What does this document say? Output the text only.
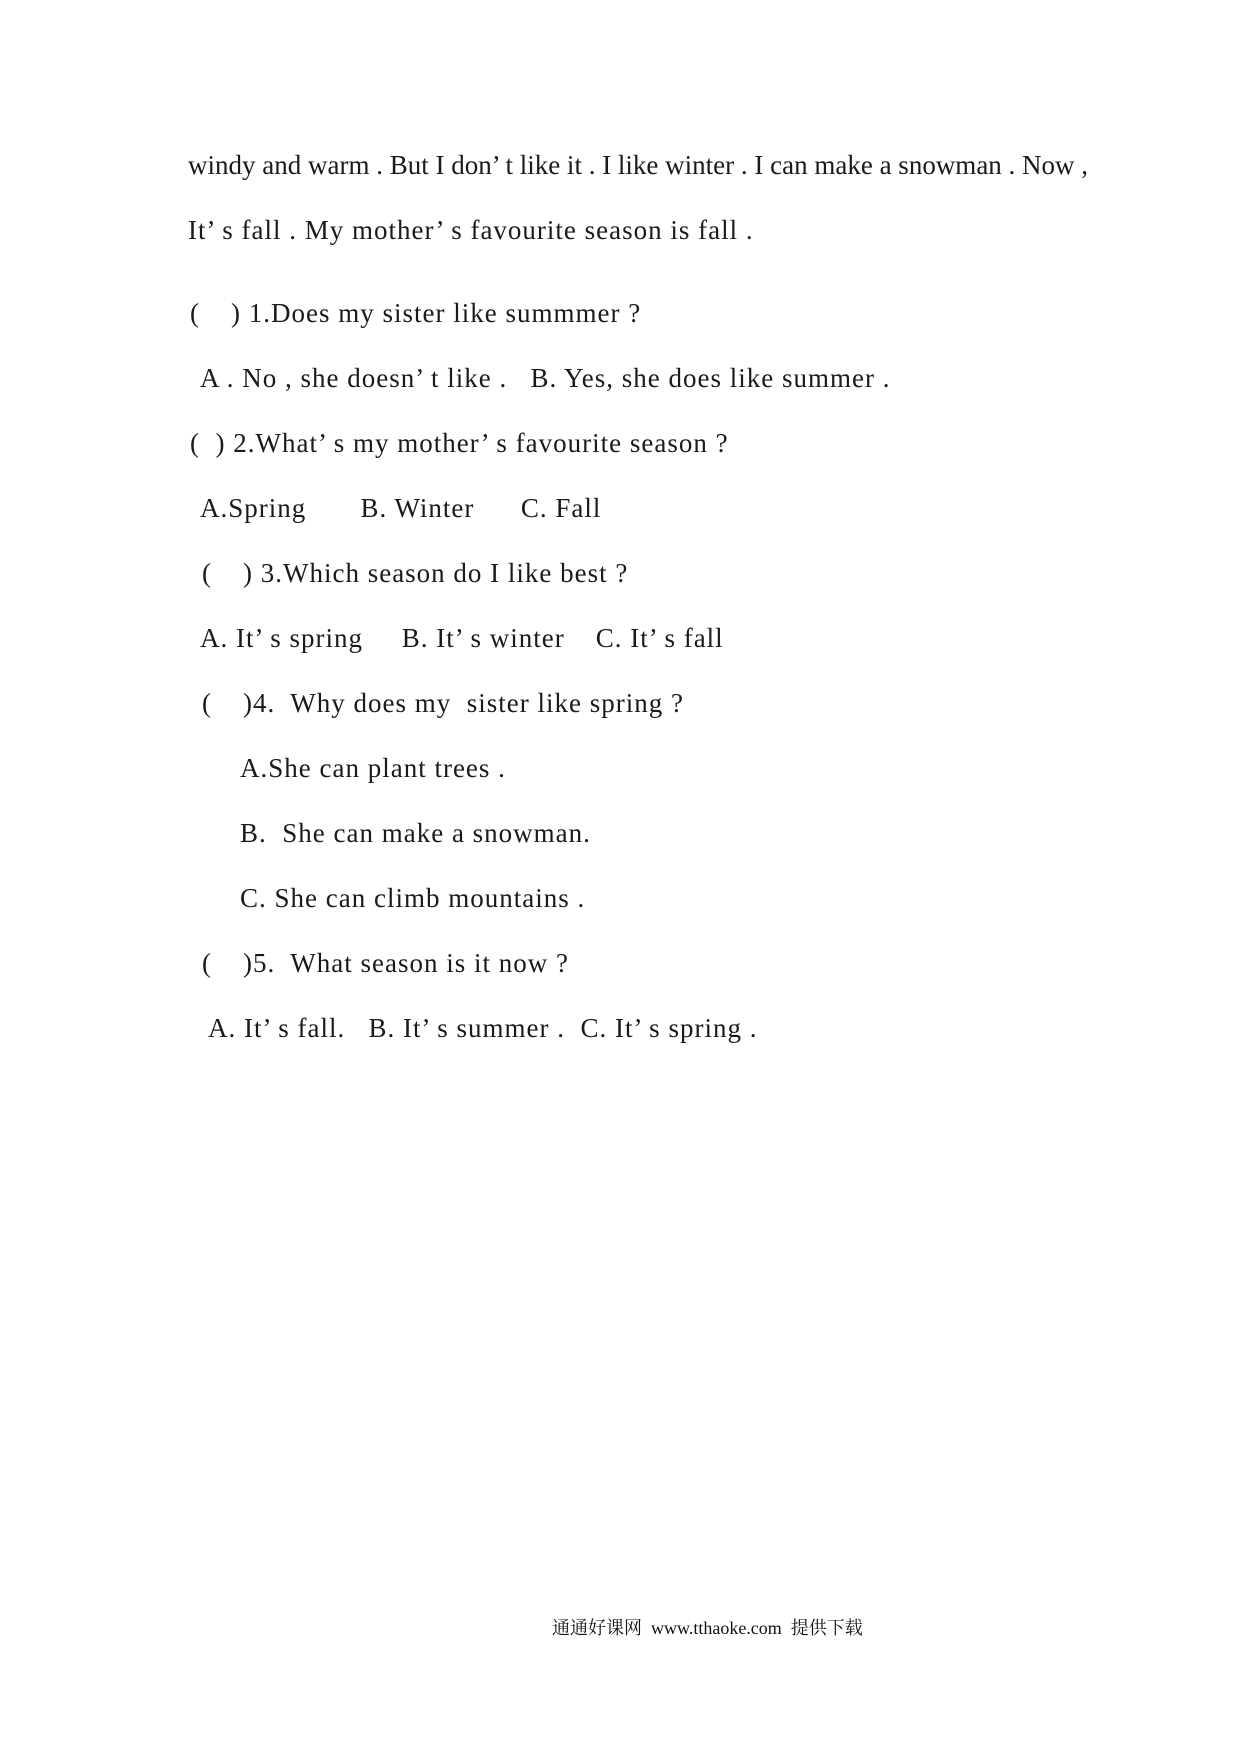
windy and warm . But I don’ t like it . I like winter . I can make a snowman . Now ,
It’ s fall . My mother’ s favourite season is fall .
(    ) 1.Does my sister like summmer ?
A . No , she doesn’ t like .   B. Yes, she does like summer .
(  ) 2.What’ s my mother’ s favourite season ?
A.Spring       B. Winter      C. Fall
(    ) 3.Which season do I like best ?
A. It’ s spring     B. It’ s winter    C. It’ s fall
(    )4.  Why does my  sister like spring ?
A.She can plant trees .
B.  She can make a snowman.
C. She can climb mountains .
(    )5.  What season is it now ?
A. It’ s fall.   B. It’ s summer .  C. It’ s spring .
通通好课网  www.tthaoke.com  提供下载
